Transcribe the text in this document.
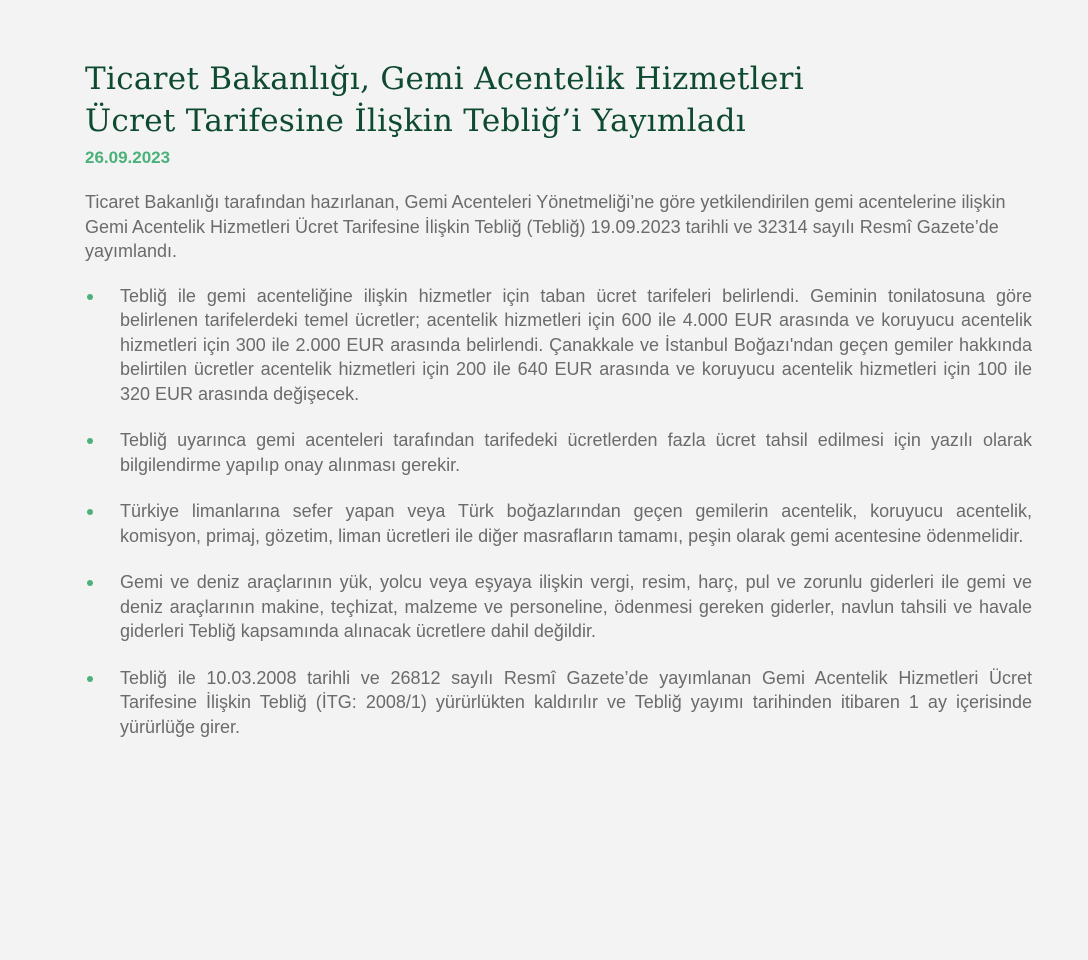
Ticaret Bakanlığı, Gemi Acentelik Hizmetleri
Ücret Tarifesine İlişkin Tebliğ’i Yayımladı
26.09.2023

Ticaret Bakanlığı tarafından hazırlanan, Gemi Acenteleri Yönetmeliği’ne göre yetkilendirilen gemi acentelerine ilişkin Gemi Acentelik Hizmetleri Ücret Tarifesine İlişkin Tebliğ (Tebliğ) 19.09.2023 tarihli ve 32314 sayılı Resmî Gazete’de yayımlandı.

Tebliğ ile gemi acenteliğine ilişkin hizmetler için taban ücret tarifeleri belirlendi. Geminin tonilatosuna göre belirlenen tarifelerdeki temel ücretler; acentelik hizmetleri için 600 ile 4.000 EUR arasında ve koruyucu acentelik hizmetleri için 300 ile 2.000 EUR arasında belirlendi. Çanakkale ve İstanbul Boğazı'ndan geçen gemiler hakkında belirtilen ücretler acentelik hizmetleri için 200 ile 640 EUR arasında ve koruyucu acentelik hizmetleri için 100 ile 320 EUR arasında değişecek.
Tebliğ uyarınca gemi acenteleri tarafından tarifedeki ücretlerden fazla ücret tahsil edilmesi için yazılı olarak bilgilendirme yapılıp onay alınması gerekir.
Türkiye limanlarına sefer yapan veya Türk boğazlarından geçen gemilerin acentelik, koruyucu acentelik, komisyon, primaj, gözetim, liman ücretleri ile diğer masrafların tamamı, peşin olarak gemi acentesine ödenmelidir.
Gemi ve deniz araçlarının yük, yolcu veya eşyaya ilişkin vergi, resim, harç, pul ve zorunlu giderleri ile gemi ve deniz araçlarının makine, teçhizat, malzeme ve personeline, ödenmesi gereken giderler, navlun tahsili ve havale giderleri Tebliğ kapsamında alınacak ücretlere dahil değildir.
Tebliğ ile 10.03.2008 tarihli ve 26812 sayılı Resmî Gazete’de yayımlanan Gemi Acentelik Hizmetleri Ücret Tarifesine İlişkin Tebliğ (İTG: 2008/1) yürürlükten kaldırılır ve Tebliğ yayımı tarihinden itibaren 1 ay içerisinde yürürlüğe girer.
